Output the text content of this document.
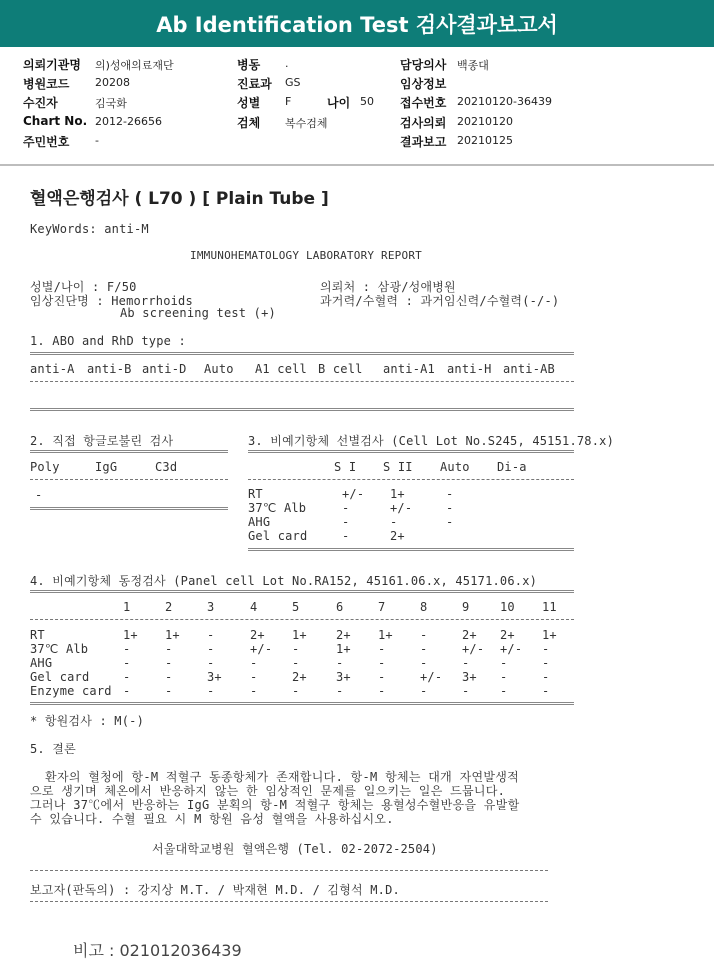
Ab Identification Test 검사결과보고서
의뢰기관명 의)성애의료재단
병원코드 20208
수진자	김국화
Chart No. 2012-26656
주민번호 -
병동 .
진료과 GS
성별 F	나이 50
검체 복수검체
담당의사 백종대
임상정보
접수번호 20210120-36439
검사의뢰 20210120
결과보고 20210125
혈액은행검사 ( L70 ) [ Plain Tube ]
KeyWords: anti-M
IMMUNOHEMATOLOGY LABORATORY REPORT
성별/나이 : F/50
임상진단명 : Hemorrhoids
Ab screening test (+)
의뢰처 : 삼광/성애병원
과거력/수혈력 : 과거임신력/수혈력(-/-)
1. ABO and RhD type :
anti-A anti-B anti-D Auto A1 cell B cell anti-A1 anti-H anti-AB
2. 직접 항글로불린 검사
Poly	IgG	C3d
-
3. 비예기항체 선별검사 (Cell Lot No.S245, 45151.78.x)
S I S II Auto Di-a
RT	+/- 1+	-
37℃ Alb	-	+/-	-
AHG	-	-	-
Gel card	-	2+
4. 비예기항체 동정검사 (Panel cell Lot No.RA152, 45161.06.x, 45171.06.x)
1	2	3	4	5	6	7	8	9	10 11
RT	1+ 1+ -	2+ 1+ 2+ 1+ -	2+ 2+ 1+
37℃ Alb	-	-	-	+/- -	1+ -	-	+/- +/- -
AHG	-	-	-	-	-	-	-	-	-	-	-
Gel card	-	-	3+ -	2+ 3+ -	+/- 3+ -	-
Enzyme card -	-	-	-	-	-	-	-	-	-	-
* 항원검사 : M(-)
5. 결론
환자의 혈청에 항-M 적혈구 동종항체가 존재합니다. 항-M 항체는 대개 자연발생적
으로 생기며 체온에서 반응하지 않는 한 임상적인 문제를 일으키는 일은 드뭅니다.
그러나 37℃에서 반응하는 IgG 분획의 항-M 적혈구 항체는 용혈성수혈반응을 유발할
수 있습니다. 수혈 필요 시 M 항원 음성 혈액을 사용하십시오.
서울대학교병원 혈액은행 (Tel. 02-2072-2504)
보고자(판독의) : 강지상 M.T. / 박재현 M.D. / 김형석 M.D.
비고 : 021012036439
